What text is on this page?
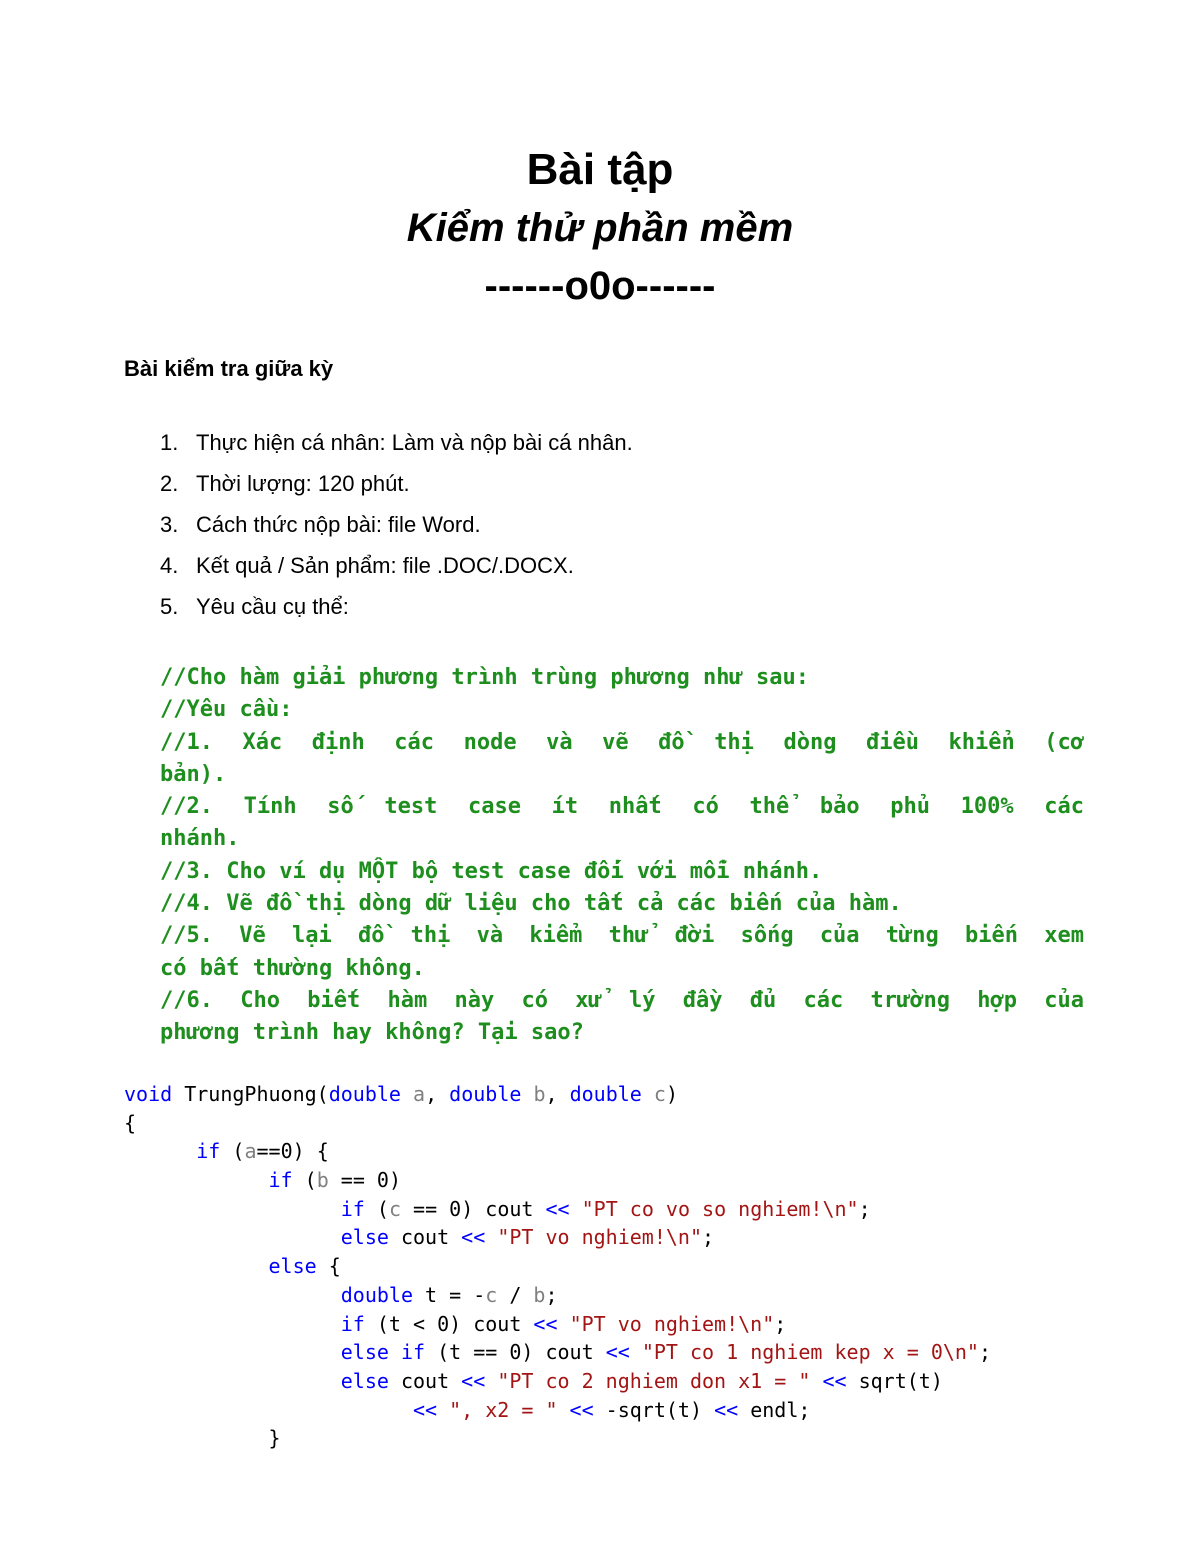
Bài tập
Kiểm thử phần mềm
------o0o------
Bài kiểm tra giữa kỳ
1. Thực hiện cá nhân: Làm và nộp bài cá nhân.
2. Thời lượng: 120 phút.
3. Cách thức nộp bài: file Word.
4. Kết quả / Sản phẩm: file .DOC/.DOCX.
5. Yêu cầu cụ thể:
//Cho hàm giải phương trình trùng phương như sau:
//Yêu cầu:
//1. Xác định các node và vẽ đồ thị dòng điều khiển (cơ
bản).
//2. Tính số test case ít nhất có thể bảo phủ 100% các
nhánh.
//3. Cho ví dụ MỘT bộ test case đối với mỗi nhánh.
//4. Vẽ đồ thị dòng dữ liệu cho tất cả các biến của hàm.
//5. Vẽ lại đồ thị và kiểm thử đời sống của từng biến xem
có bất thường không.
//6. Cho biết hàm này có xử lý đầy đủ các trường hợp của
phương trình hay không? Tại sao?
void TrungPhuong(double a, double b, double c)
{
if (a==0) {
if (b == 0)
if (c == 0) cout << "PT co vo so nghiem!\n";
else cout << "PT vo nghiem!\n";
else {
double t = -c / b;
if (t < 0) cout << "PT vo nghiem!\n";
else if (t == 0) cout << "PT co 1 nghiem kep x = 0\n";
else cout << "PT co 2 nghiem don x1 = " << sqrt(t)
<< ", x2 = " << -sqrt(t) << endl;
}
